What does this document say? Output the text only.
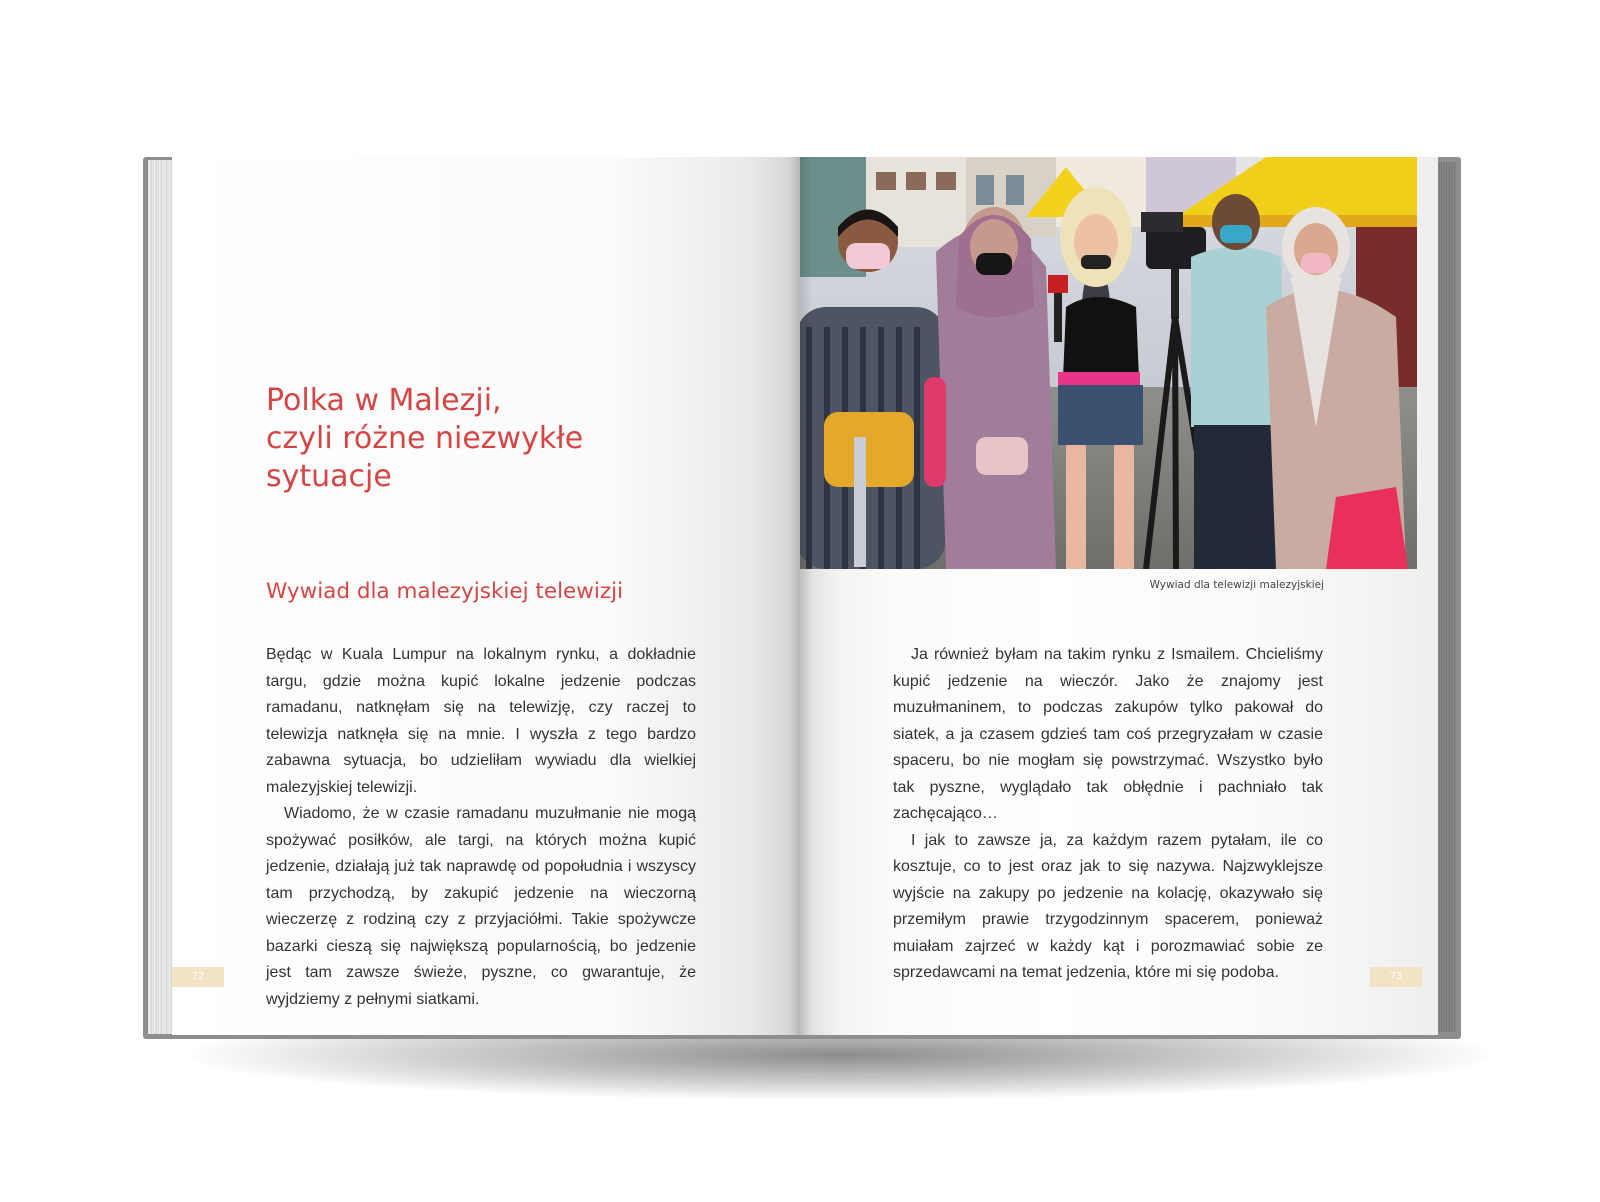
Polka w Malezji,
czyli różne niezwykłe
sytuacje
Wywiad dla malezyjskiej telewizji

Będąc w Kuala Lumpur na lokalnym rynku, a dokładnie targu, gdzie można kupić lokalne jedzenie podczas ramadanu, natknęłam się na telewizję, czy raczej to telewizja natknęła się na mnie. I wyszła z tego bardzo zabawna sytuacja, bo udzieliłam wywiadu dla wielkiej malezyjskiej telewizji.

Wiadomo, że w czasie ramadanu muzułmanie nie mogą spożywać posiłków, ale targi, na których można kupić jedzenie, działają już tak naprawdę od popołudnia i wszyscy tam przychodzą, by zakupić jedzenie na wieczorną wieczerzę z rodziną czy z przyjaciółmi. Takie spożywcze bazarki cieszą się największą popularnością, bo jedzenie jest tam zawsze świeże, pyszne, co gwarantuje, że wyjdziemy z pełnymi siatkami.

72

Wywiad dla telewizji malezyjskiej

Ja również byłam na takim rynku z Ismailem. Chcieliśmy kupić jedzenie na wieczór. Jako że znajomy jest muzułmaninem, to podczas zakupów tylko pakował do siatek, a ja czasem gdzieś tam coś przegryzałam w czasie spaceru, bo nie mogłam się powstrzymać. Wszystko było tak pyszne, wyglądało tak obłędnie i pachniało tak zachęcająco…

I jak to zawsze ja, za każdym razem pytałam, ile co kosztuje, co to jest oraz jak to się nazywa. Najzwyklejsze wyjście na zakupy po jedzenie na kolację, okazywało się przemiłym prawie trzygodzinnym spacerem, ponieważ muiałam zajrzeć w każdy kąt i porozmawiać sobie ze sprzedawcami na temat jedzenia, które mi się podoba.	73
